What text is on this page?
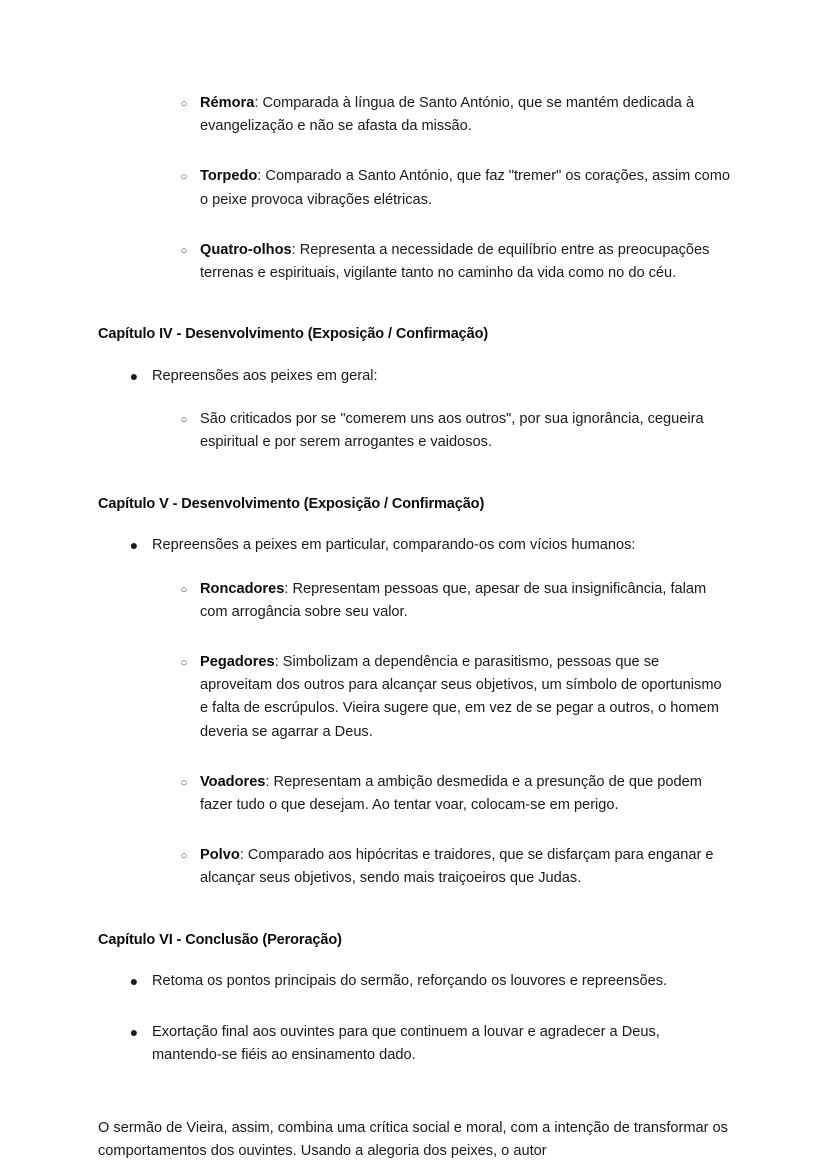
○ Rémora: Comparada à língua de Santo António, que se mantém dedicada à evangelização e não se afasta da missão.
○ Torpedo: Comparado a Santo António, que faz "tremer" os corações, assim como o peixe provoca vibrações elétricas.
○ Quatro-olhos: Representa a necessidade de equilíbrio entre as preocupações terrenas e espirituais, vigilante tanto no caminho da vida como no do céu.
Capítulo IV - Desenvolvimento (Exposição / Confirmação)
● Repreensões aos peixes em geral:
○ São criticados por se "comerem uns aos outros", por sua ignorância, cegueira espiritual e por serem arrogantes e vaidosos.
Capítulo V - Desenvolvimento (Exposição / Confirmação)
● Repreensões a peixes em particular, comparando-os com vícios humanos:
○ Roncadores: Representam pessoas que, apesar de sua insignificância, falam com arrogância sobre seu valor.
○ Pegadores: Simbolizam a dependência e parasitismo, pessoas que se aproveitam dos outros para alcançar seus objetivos, um símbolo de oportunismo e falta de escrúpulos. Vieira sugere que, em vez de se pegar a outros, o homem deveria se agarrar a Deus.
○ Voadores: Representam a ambição desmedida e a presunção de que podem fazer tudo o que desejam. Ao tentar voar, colocam-se em perigo.
○ Polvo: Comparado aos hipócritas e traidores, que se disfarçam para enganar e alcançar seus objetivos, sendo mais traiçoeiros que Judas.
Capítulo VI - Conclusão (Peroração)
● Retoma os pontos principais do sermão, reforçando os louvores e repreensões.
● Exortação final aos ouvintes para que continuem a louvar e agradecer a Deus, mantendo-se fiéis ao ensinamento dado.

O sermão de Vieira, assim, combina uma crítica social e moral, com a intenção de transformar os comportamentos dos ouvintes. Usando a alegoria dos peixes, o autor
